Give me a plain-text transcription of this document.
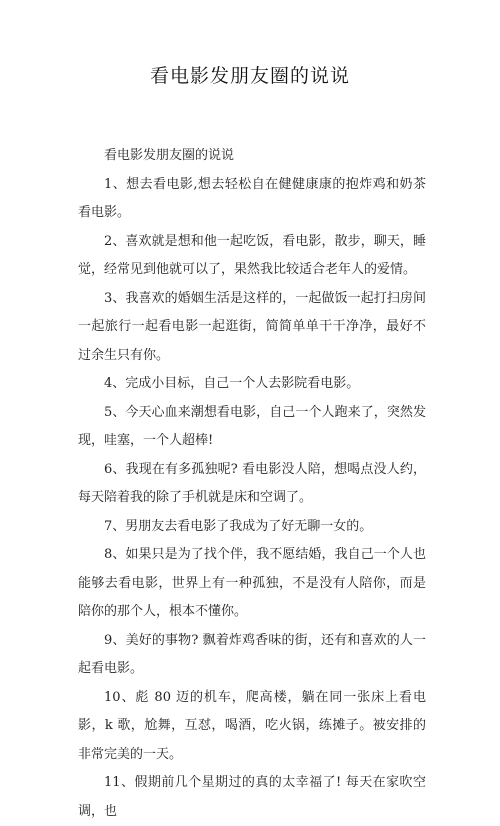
看电影发朋友圈的说说

看电影发朋友圈的说说

1、想去看电影,想去轻松自在健健康康的抱炸鸡和奶茶看电影。

2、喜欢就是想和他一起吃饭，看电影，散步，聊天，睡觉，经常见到他就可以了，果然我比较适合老年人的爱情。

3、我喜欢的婚姻生活是这样的，一起做饭一起打扫房间一起旅行一起看电影一起逛街，简简单单干干净净，最好不过余生只有你。

4、完成小目标，自己一个人去影院看电影。

5、今天心血来潮想看电影，自己一个人跑来了，突然发现，哇塞，一个人超棒!

6、我现在有多孤独呢? 看电影没人陪，想喝点没人约，每天陪着我的除了手机就是床和空调了。

7、男朋友去看电影了我成为了好无聊一女的。

8、如果只是为了找个伴，我不愿结婚，我自己一个人也能够去看电影，世界上有一种孤独，不是没有人陪你，而是陪你的那个人，根本不懂你。

9、美好的事物? 飘着炸鸡香味的街，还有和喜欢的人一起看电影。

10、彪 80 迈的机车，爬高楼，躺在同一张床上看电影，k 歌，尬舞，互怼，喝酒，吃火锅，练摊子。被安排的非常完美的一天。

11、假期前几个星期过的真的太幸福了! 每天在家吹空调，也
